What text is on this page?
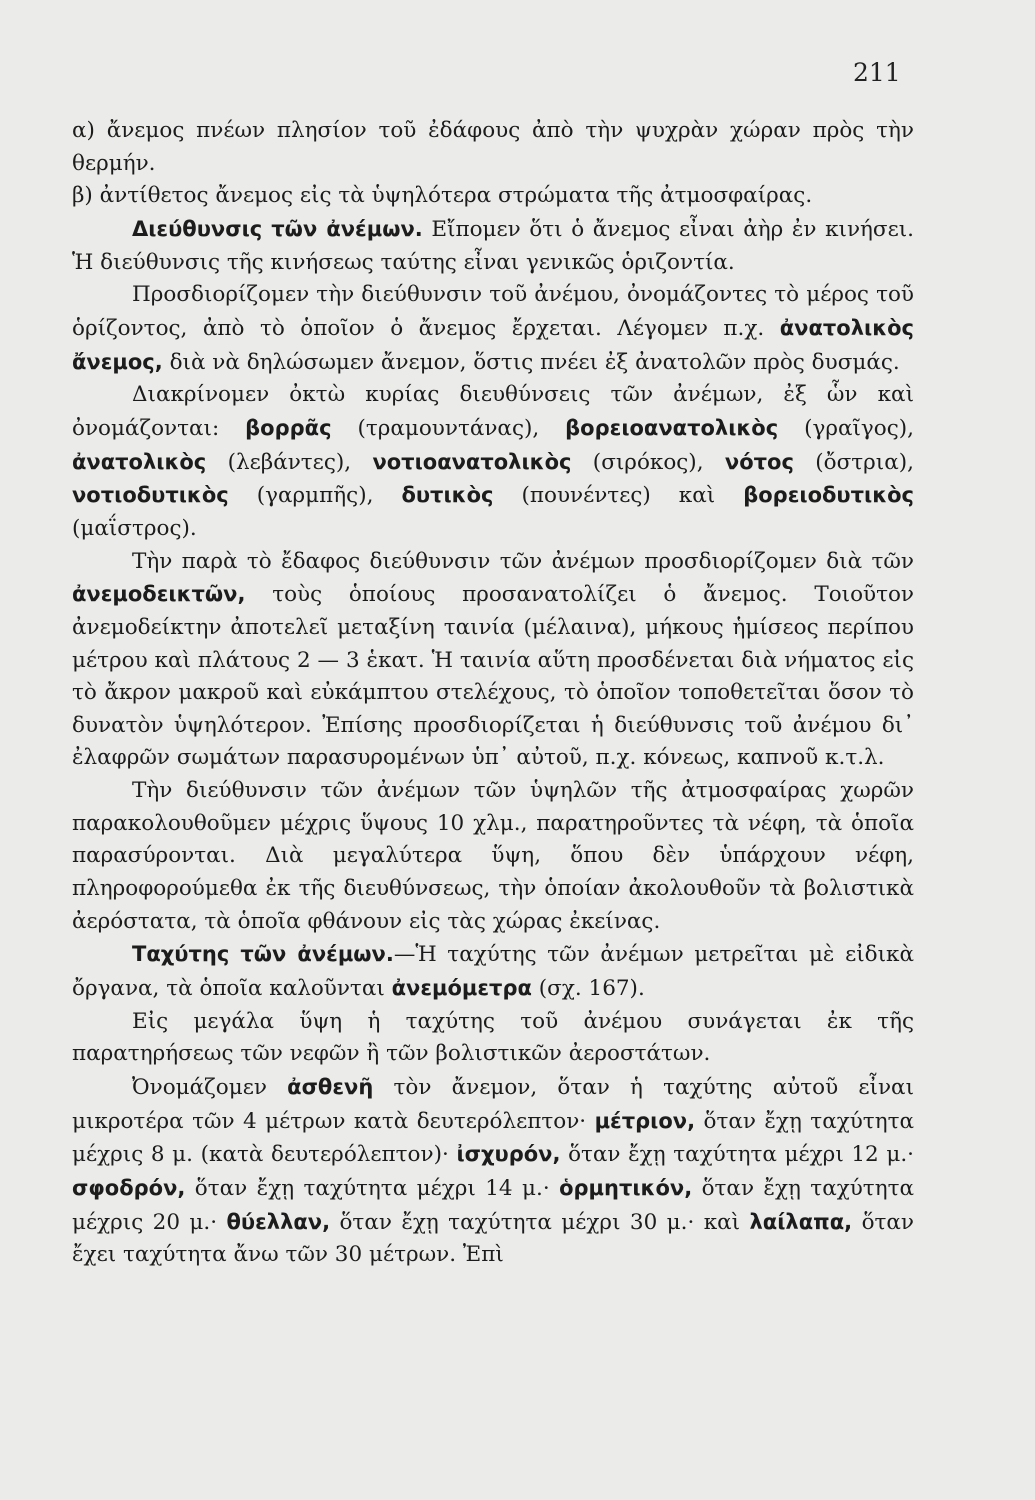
211

α) ἄνεμος πνέων πλησίον τοῦ ἐδάφους ἀπὸ τὴν ψυχρὰν χώραν πρὸς τὴν θερμήν.

β) ἀντίθετος ἄνεμος εἰς τὰ ὑψηλότερα στρώματα τῆς ἀτμοσφαίρας.

Διεύθυνσις τῶν ἀνέμων. Εἴπομεν ὅτι ὁ ἄνεμος εἶναι ἀὴρ ἐν κινήσει. Ἡ διεύθυνσις τῆς κινήσεως ταύτης εἶναι γενικῶς ὁριζοντία.

Προσδιορίζομεν τὴν διεύθυνσιν τοῦ ἀνέμου, ὀνομάζοντες τὸ μέρος τοῦ ὁρίζοντος, ἀπὸ τὸ ὁποῖον ὁ ἄνεμος ἔρχεται. Λέγομεν π.χ. ἀνατολικὸς ἄνεμος, διὰ νὰ δηλώσωμεν ἄνεμον, ὅστις πνέει ἐξ ἀνατολῶν πρὸς δυσμάς.

Διακρίνομεν ὀκτὼ κυρίας διευθύνσεις τῶν ἀνέμων, ἐξ ὧν καὶ ὀνομάζονται: βορρᾶς (τραμουντάνας), βορειοανατολικὸς (γραῖγος), ἀνατολικὸς (λεβάντες), νοτιοανατολικὸς (σιρόκος), νότος (ὄστρια), νοτιοδυτικὸς (γαρμπῆς), δυτικὸς (πουνέντες) καὶ βορειοδυτικὸς (μαΐστρος).

Τὴν παρὰ τὸ ἔδαφος διεύθυνσιν τῶν ἀνέμων προσδιορίζομεν διὰ τῶν ἀνεμοδεικτῶν, τοὺς ὁποίους προσανατολίζει ὁ ἄνεμος. Τοιοῦτον ἀνεμοδείκτην ἀποτελεῖ μεταξίνη ταινία (μέλαινα), μήκους ἡμίσεος περίπου μέτρου καὶ πλάτους 2 — 3 ἑκατ. Ἡ ταινία αὕτη προσδένεται διὰ νήματος εἰς τὸ ἄκρον μακροῦ καὶ εὐκάμπτου στελέχους, τὸ ὁποῖον τοποθετεῖται ὅσον τὸ δυνατὸν ὑψηλότερον. Ἐπίσης προσδιορίζεται ἡ διεύθυνσις τοῦ ἀνέμου δι᾿ ἐλαφρῶν σωμάτων παρασυρομένων ὑπ᾿ αὐτοῦ, π.χ. κόνεως, καπνοῦ κ.τ.λ.

Τὴν διεύθυνσιν τῶν ἀνέμων τῶν ὑψηλῶν τῆς ἀτμοσφαίρας χωρῶν παρακολουθοῦμεν μέχρις ὕψους 10 χλμ., παρατηροῦντες τὰ νέφη, τὰ ὁποῖα παρασύρονται. Διὰ μεγαλύτερα ὕψη, ὅπου δὲν ὑπάρχουν νέφη, πληροφορούμεθα ἐκ τῆς διευθύνσεως, τὴν ὁποίαν ἀκολουθοῦν τὰ βολιστικὰ ἀερόστατα, τὰ ὁποῖα φθάνουν εἰς τὰς χώρας ἐκείνας.

Ταχύτης τῶν ἀνέμων.—Ἡ ταχύτης τῶν ἀνέμων μετρεῖται μὲ εἰδικὰ ὄργανα, τὰ ὁποῖα καλοῦνται ἀνεμόμετρα (σχ. 167).

Εἰς μεγάλα ὕψη ἡ ταχύτης τοῦ ἀνέμου συνάγεται ἐκ τῆς παρατηρήσεως τῶν νεφῶν ἢ τῶν βολιστικῶν ἀεροστάτων.

Ὀνομάζομεν ἀσθενῆ τὸν ἄνεμον, ὅταν ἡ ταχύτης αὐτοῦ εἶναι μικροτέρα τῶν 4 μέτρων κατὰ δευτερόλεπτον· μέτριον, ὅταν ἔχῃ ταχύτητα μέχρις 8 μ. (κατὰ δευτερόλεπτον)· ἰσχυρόν, ὅταν ἔχῃ ταχύτητα μέχρι 12 μ.· σφοδρόν, ὅταν ἔχῃ ταχύτητα μέχρι 14 μ.· ὁρμητικόν, ὅταν ἔχῃ ταχύτητα μέχρις 20 μ.· θύελλαν, ὅταν ἔχῃ ταχύτητα μέχρι 30 μ.· καὶ λαίλαπα, ὅταν ἔχει ταχύτητα ἄνω τῶν 30 μέτρων. Ἐπὶ
